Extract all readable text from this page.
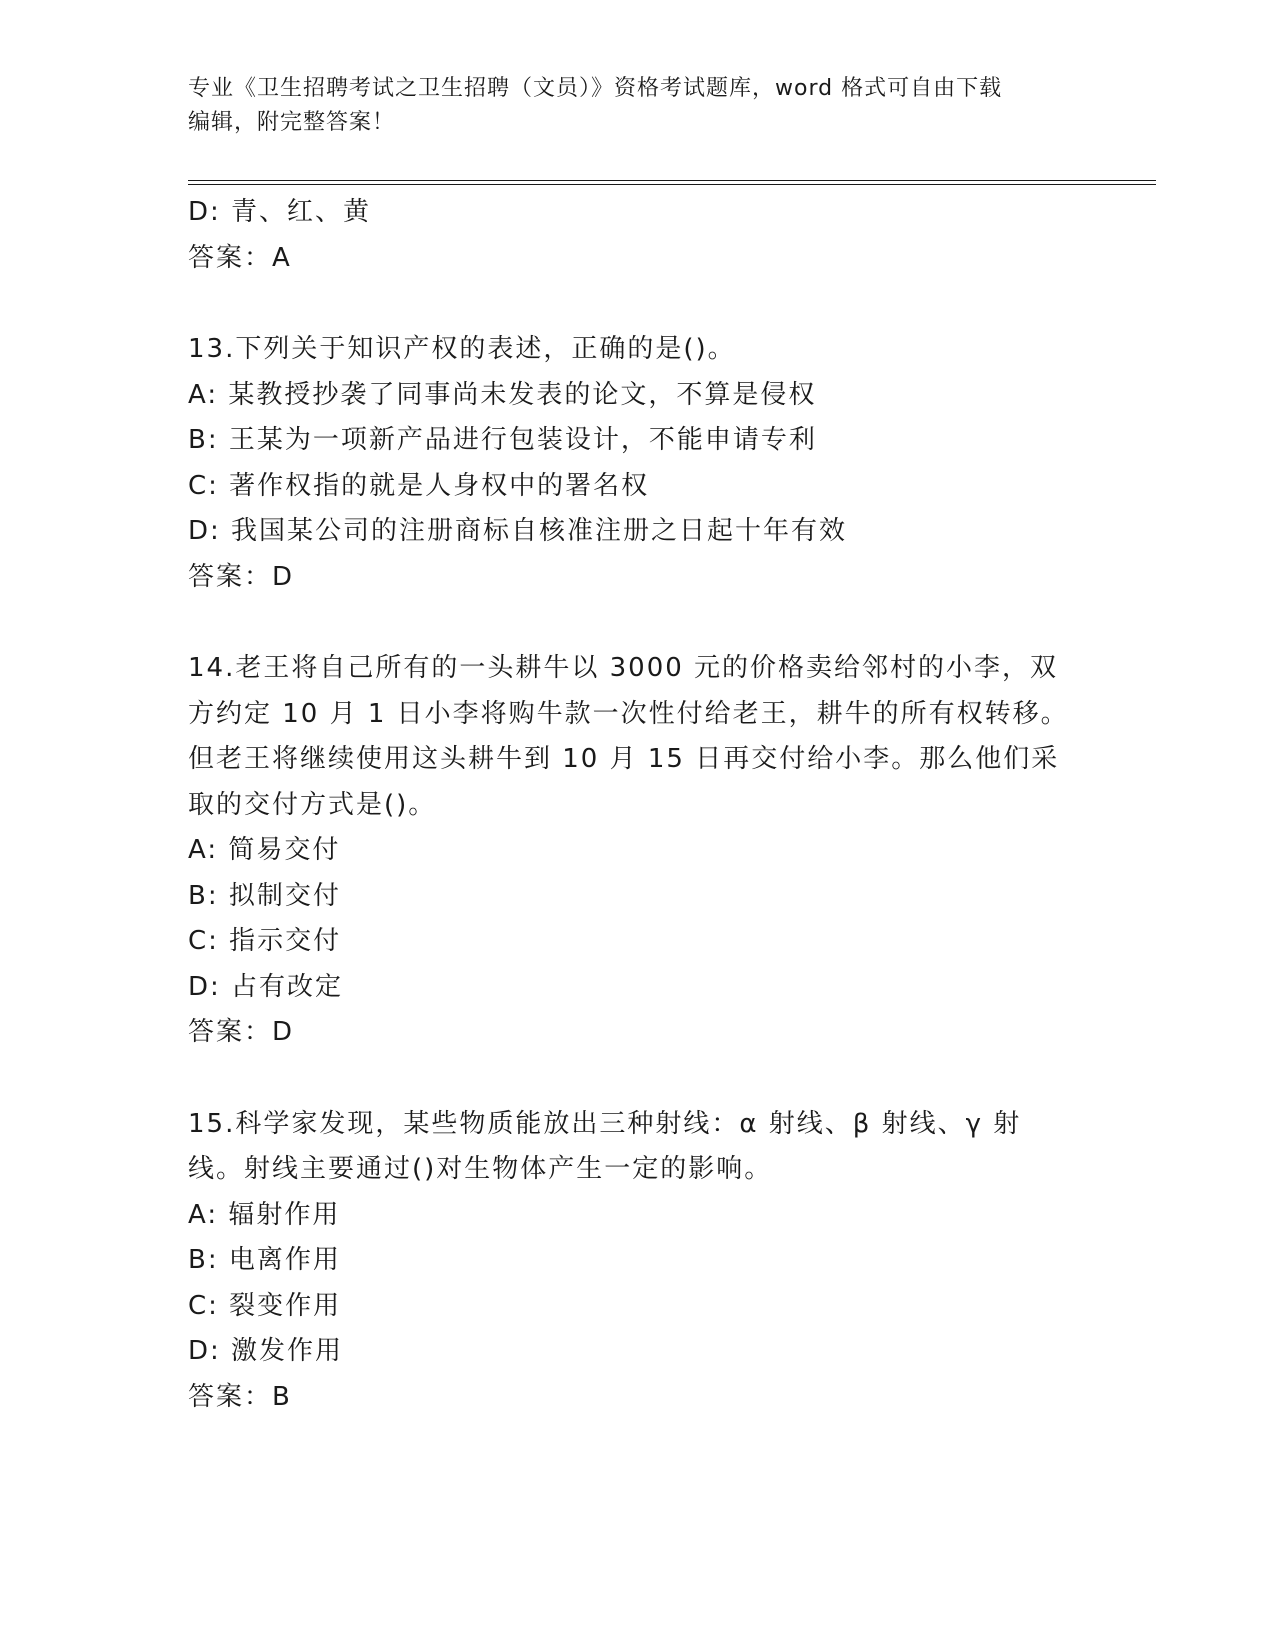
专业《卫生招聘考试之卫生招聘（文员）》资格考试题库，word 格式可自由下载
编辑，附完整答案！
D: 青、红、黄
答案：A
13.下列关于知识产权的表述，正确的是()。
A: 某教授抄袭了同事尚未发表的论文，不算是侵权
B: 王某为一项新产品进行包装设计，不能申请专利
C: 著作权指的就是人身权中的署名权
D: 我国某公司的注册商标自核准注册之日起十年有效
答案：D
14.老王将自己所有的一头耕牛以 3000 元的价格卖给邻村的小李，双
方约定 10 月 1 日小李将购牛款一次性付给老王，耕牛的所有权转移。
但老王将继续使用这头耕牛到 10 月 15 日再交付给小李。那么他们采
取的交付方式是()。
A: 简易交付
B: 拟制交付
C: 指示交付
D: 占有改定
答案：D
15.科学家发现，某些物质能放出三种射线：α 射线、β 射线、γ 射
线。射线主要通过()对生物体产生一定的影响。
A: 辐射作用
B: 电离作用
C: 裂变作用
D: 激发作用
答案：B
